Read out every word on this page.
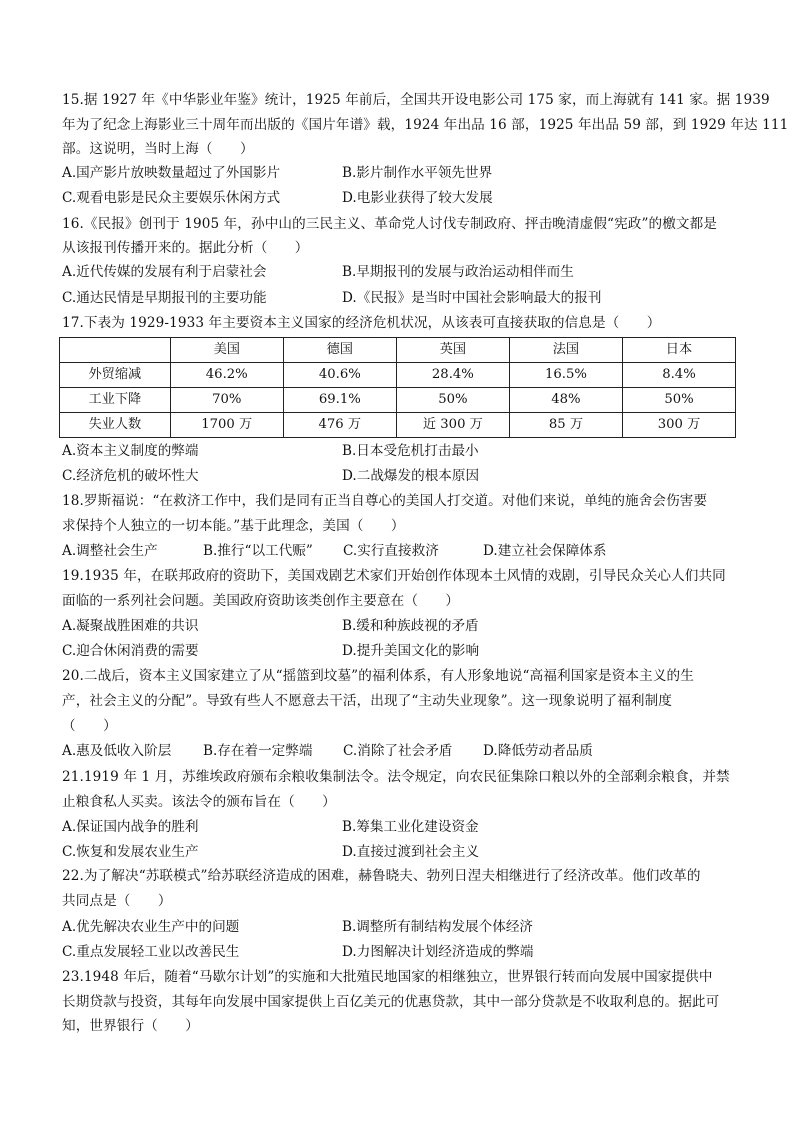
15.据 1927 年《中华影业年鉴》统计，1925 年前后，全国共开设电影公司 175 家，而上海就有 141 家。据 1939
年为了纪念上海影业三十周年而出版的《国片年谱》载，1924 年出品 16 部，1925 年出品 59 部，到 1929 年达 111
部。这说明，当时上海（　　）
A.国产影片放映数量超过了外国影片	B.影片制作水平领先世界
C.观看电影是民众主要娱乐休闲方式	D.电影业获得了较大发展
16.《民报》创刊于 1905 年，孙中山的三民主义、革命党人讨伐专制政府、抨击晚清虚假“宪政”的檄文都是
从该报刊传播开来的。据此分析（　　）
A.近代传媒的发展有利于启蒙社会	B.早期报刊的发展与政治运动相伴而生
C.通达民情是早期报刊的主要功能	D.《民报》是当时中国社会影响最大的报刊
17.下表为 1929-1933 年主要资本主义国家的经济危机状况，从该表可直接获取的信息是（　　）
	美国	德国	英国	法国	日本
外贸缩减	46.2%	40.6%	28.4%	16.5%	8.4%
工业下降	70%	69.1%	50%	48%	50%
失业人数	1700 万	476 万	近 300 万	85 万	300 万
A.资本主义制度的弊端	B.日本受危机打击最小
C.经济危机的破坏性大	D.二战爆发的根本原因
18.罗斯福说：“在救济工作中，我们是同有正当自尊心的美国人打交道。对他们来说，单纯的施舍会伤害要
求保持个人独立的一切本能。”基于此理念，美国（　　）
A.调整社会生产	B.推行“以工代赈” C.实行直接救济	D.建立社会保障体系
19.1935 年，在联邦政府的资助下，美国戏剧艺术家们开始创作体现本土风情的戏剧，引导民众关心人们共同
面临的一系列社会问题。美国政府资助该类创作主要意在（　　）
A.凝聚战胜困难的共识	B.缓和种族歧视的矛盾
C.迎合休闲消费的需要	D.提升美国文化的影响
20.二战后，资本主义国家建立了从“摇篮到坟墓”的福利体系，有人形象地说“高福利国家是资本主义的生
产，社会主义的分配”。导致有些人不愿意去干活，出现了“主动失业现象”。这一现象说明了福利制度
（　　）
A.惠及低收入阶层 B.存在着一定弊端 C.消除了社会矛盾 D.降低劳动者品质
21.1919 年 1 月，苏维埃政府颁布余粮收集制法令。法令规定，向农民征集除口粮以外的全部剩余粮食，并禁
止粮食私人买卖。该法令的颁布旨在（　　）
A.保证国内战争的胜利	B.筹集工业化建设资金
C.恢复和发展农业生产	D.直接过渡到社会主义
22.为了解决“苏联模式”给苏联经济造成的困难，赫鲁晓夫、勃列日涅夫相继进行了经济改革。他们改革的
共同点是（　　）
A.优先解决农业生产中的问题	B.调整所有制结构发展个体经济
C.重点发展轻工业以改善民生	D.力图解决计划经济造成的弊端
23.1948 年后，随着“马歇尔计划”的实施和大批殖民地国家的相继独立，世界银行转而向发展中国家提供中
长期贷款与投资，其每年向发展中国家提供上百亿美元的优惠贷款，其中一部分贷款是不收取利息的。据此可
知，世界银行（　　）
